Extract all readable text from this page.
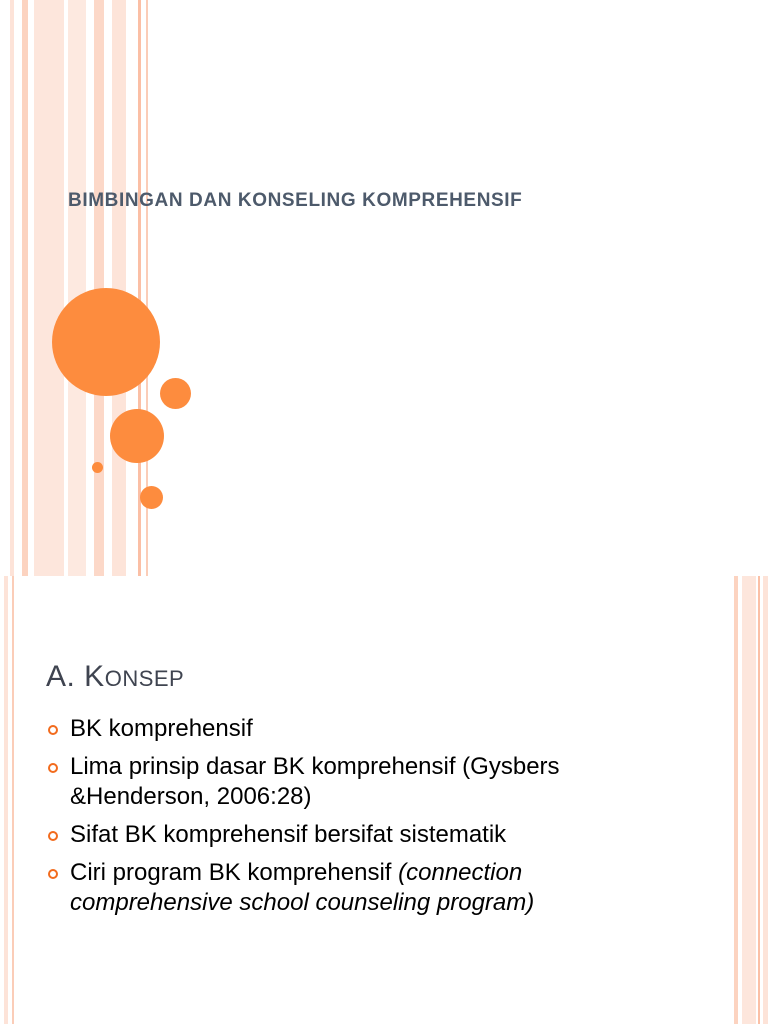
BIMBINGAN DAN KONSELING KOMPREHENSIF
A. KONSEP
BK komprehensif
Lima prinsip dasar BK komprehensif (Gysbers &Henderson, 2006:28)
Sifat BK komprehensif bersifat sistematik
Ciri program BK komprehensif (connection comprehensive school counseling program)
